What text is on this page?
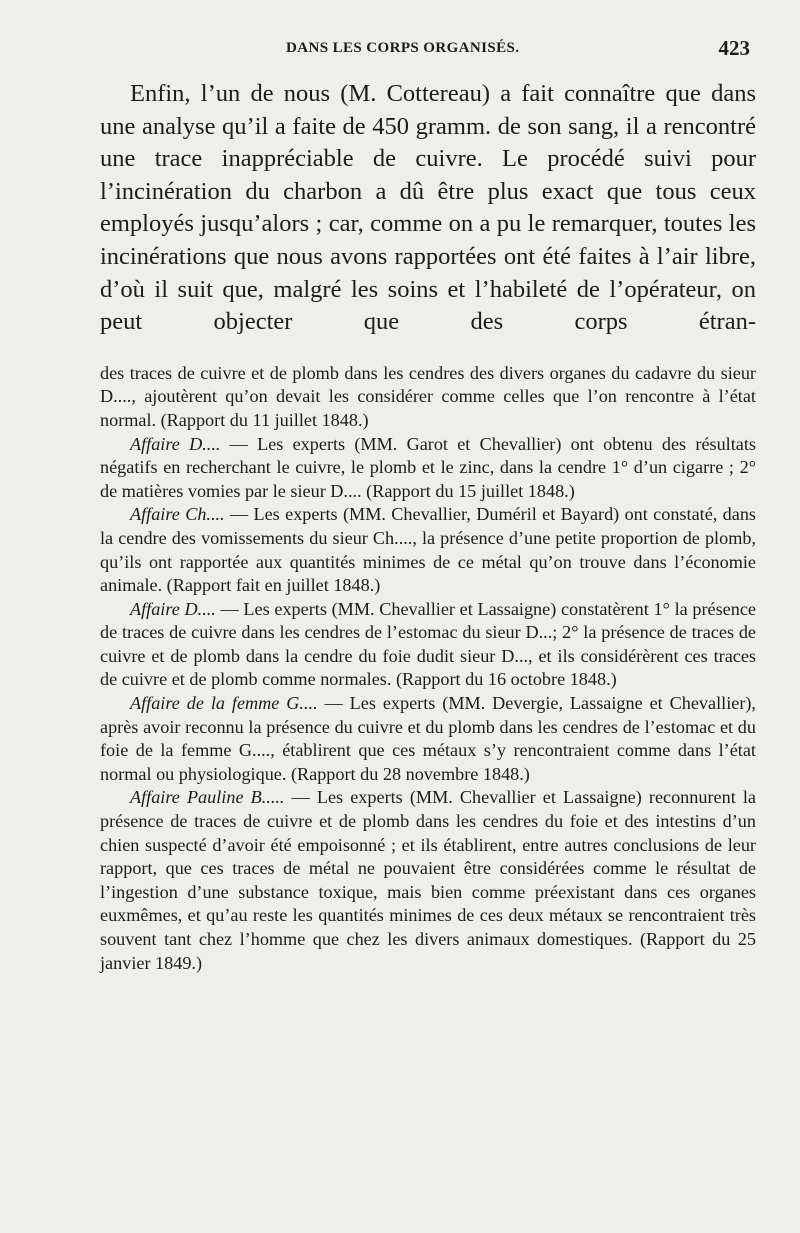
DANS LES CORPS ORGANISÉS.	423

Enfin, l’un de nous (M. Cottereau) a fait connaître que dans une analyse qu’il a faite de 450 gramm. de son sang, il a rencontré une trace inappréciable de cuivre. Le procédé suivi pour l’incinération du charbon a dû être plus exact que tous ceux employés jusqu’alors ; car, comme on a pu le remarquer, toutes les incinérations que nous avons rapportées ont été faites à l’air libre, d’où il suit que, malgré les soins et l’habileté de l’opérateur, on peut objecter que des corps étran-

des traces de cuivre et de plomb dans les cendres des divers organes du cadavre du sieur D...., ajoutèrent qu’on devait les considérer comme celles que l’on rencontre à l’état normal. (Rapport du 11 juillet 1848.)

Affaire D.... — Les experts (MM. Garot et Chevallier) ont obtenu des résultats négatifs en recherchant le cuivre, le plomb et le zinc, dans la cendre 1° d’un cigarre ; 2° de matières vomies par le sieur D.... (Rapport du 15 juillet 1848.)

Affaire Ch.... — Les experts (MM. Chevallier, Duméril et Bayard) ont constaté, dans la cendre des vomissements du sieur Ch...., la présence d’une petite proportion de plomb, qu’ils ont rapportée aux quantités minimes de ce métal qu’on trouve dans l’économie animale. (Rapport fait en juillet 1848.)

Affaire D.... — Les experts (MM. Chevallier et Lassaigne) constatèrent 1° la présence de traces de cuivre dans les cendres de l’estomac du sieur D...; 2° la présence de traces de cuivre et de plomb dans la cendre du foie dudit sieur D..., et ils considérèrent ces traces de cuivre et de plomb comme normales. (Rapport du 16 octobre 1848.)

Affaire de la femme G.... — Les experts (MM. Devergie, Lassaigne et Chevallier), après avoir reconnu la présence du cuivre et du plomb dans les cendres de l’estomac et du foie de la femme G...., établirent que ces métaux s’y rencontraient comme dans l’état normal ou physiologique. (Rapport du 28 novembre 1848.)

Affaire Pauline B..... — Les experts (MM. Chevallier et Lassaigne) reconnurent la présence de traces de cuivre et de plomb dans les cendres du foie et des intestins d’un chien suspecté d’avoir été empoisonné ; et ils établirent, entre autres conclusions de leur rapport, que ces traces de métal ne pouvaient être considérées comme le résultat de l’ingestion d’une substance toxique, mais bien comme préexistant dans ces organes euxmêmes, et qu’au reste les quantités minimes de ces deux métaux se rencontraient très souvent tant chez l’homme que chez les divers animaux domestiques. (Rapport du 25 janvier 1849.)
